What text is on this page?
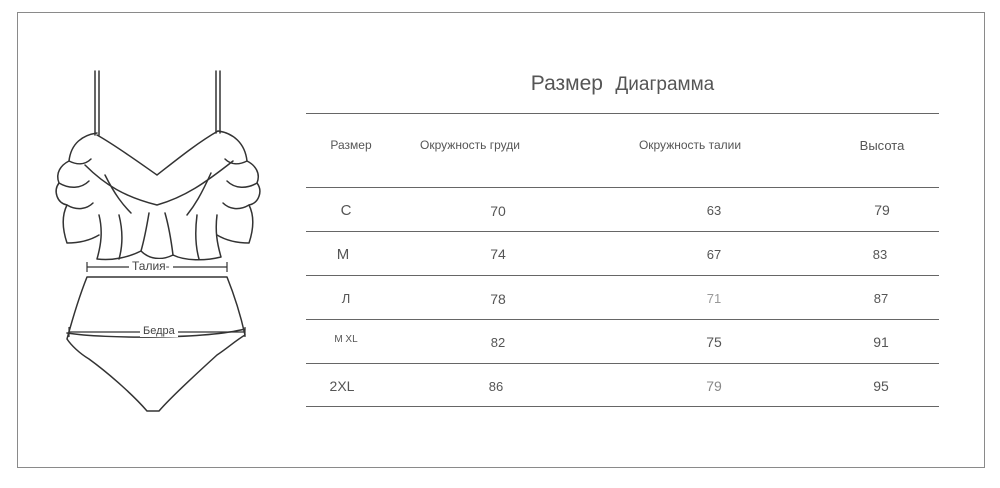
Талия-
Бедра
Размер Диаграмма
Размер	Окружность груди	Окружность талии	Высота
C	70	63	79
M	74	67	83
Л	78	71	87
M XL	82	75	91
2XL	86	79	95
